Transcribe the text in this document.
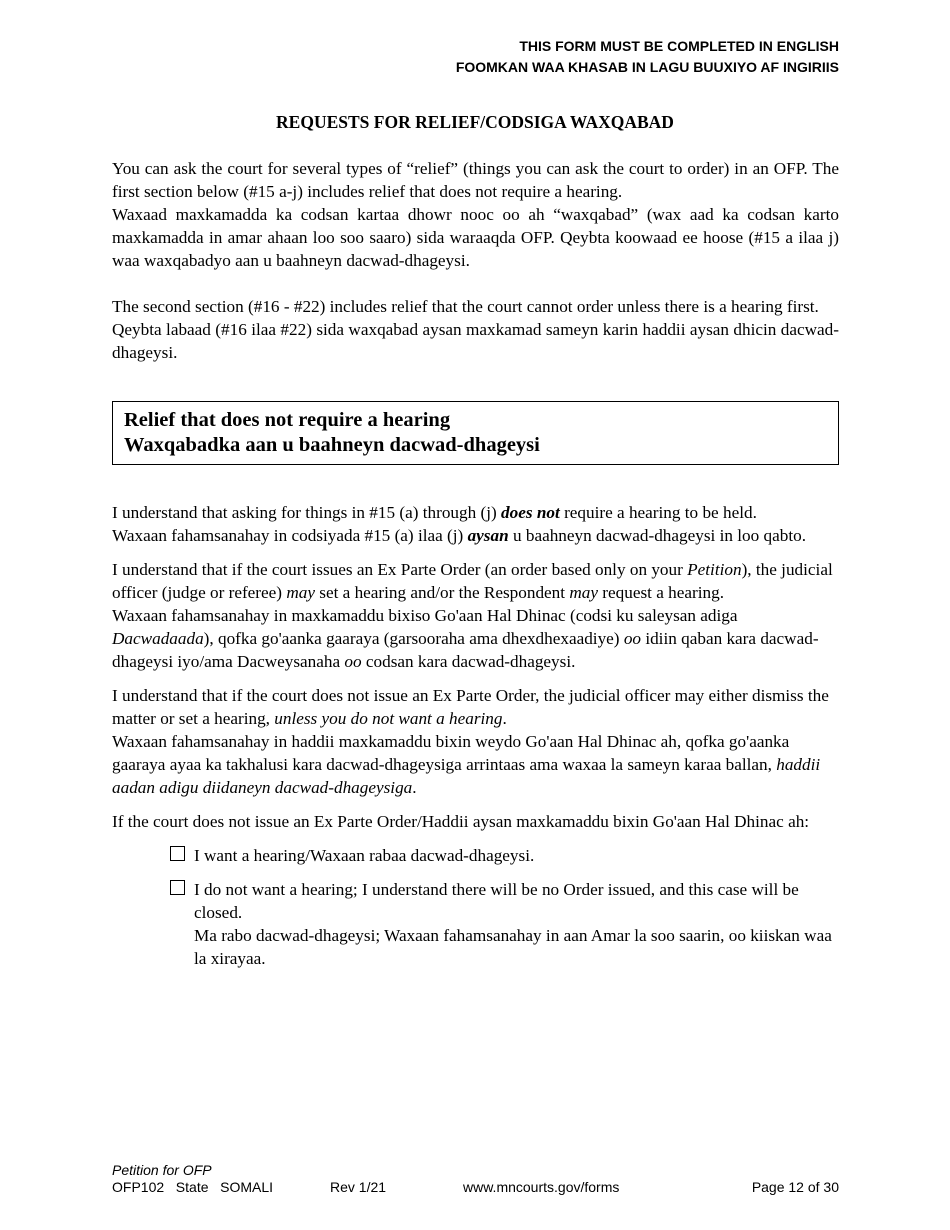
THIS FORM MUST BE COMPLETED IN ENGLISH
FOOMKAN WAA KHASAB IN LAGU BUUXIYO AF INGIRIIS
REQUESTS FOR RELIEF/CODSIGA WAXQABAD

You can ask the court for several types of “relief” (things you can ask the court to order) in an OFP. The first section below (#15 a-j) includes relief that does not require a hearing.

Waxaad maxkamadda ka codsan kartaa dhowr nooc oo ah “waxqabad” (wax aad ka codsan karto maxkamadda in amar ahaan loo soo saaro) sida waraaqda OFP. Qeybta koowaad ee hoose (#15 a ilaa j) waa waxqabadyo aan u baahneyn dacwad-dhageysi.

The second section (#16 - #22) includes relief that the court cannot order unless there is a hearing first.

Qeybta labaad (#16 ilaa #22) sida waxqabad aysan maxkamad sameyn karin haddii aysan dhicin dacwad-dhageysi.

Relief that does not require a hearing
Waxqabadka aan u baahneyn dacwad-dhageysi

I understand that asking for things in #15 (a) through (j) does not require a hearing to be held.

Waxaan fahamsanahay in codsiyada #15 (a) ilaa (j) aysan u baahneyn dacwad-dhageysi in loo qabto.

I understand that if the court issues an Ex Parte Order (an order based only on your Petition), the judicial officer (judge or referee) may set a hearing and/or the Respondent may request a hearing.

Waxaan fahamsanahay in maxkamaddu bixiso Go'aan Hal Dhinac (codsi ku saleysan adiga Dacwadaada), qofka go'aanka gaaraya (garsooraha ama dhexdhexaadiye) oo idiin qaban kara dacwad-dhageysi iyo/ama Dacweysanaha oo codsan kara dacwad-dhageysi.

I understand that if the court does not issue an Ex Parte Order, the judicial officer may either dismiss the matter or set a hearing, unless you do not want a hearing.

Waxaan fahamsanahay in haddii maxkamaddu bixin weydo Go'aan Hal Dhinac ah, qofka go'aanka gaaraya ayaa ka takhalusi kara dacwad-dhageysiga arrintaas ama waxaa la sameyn karaa ballan, haddii aadan adigu diidaneyn dacwad-dhageysiga.

If the court does not issue an Ex Parte Order/Haddii aysan maxkamaddu bixin Go'aan Hal Dhinac ah:

I want a hearing/Waxaan rabaa dacwad-dhageysi.

I do not want a hearing; I understand there will be no Order issued, and this case will be closed.

Ma rabo dacwad-dhageysi; Waxaan fahamsanahay in aan Amar la soo saarin, oo kiiskan waa la xirayaa.

Petition for OFP
OFP102   State   SOMALI	Rev 1/21	www.mncourts.gov/forms	Page 12 of 30
